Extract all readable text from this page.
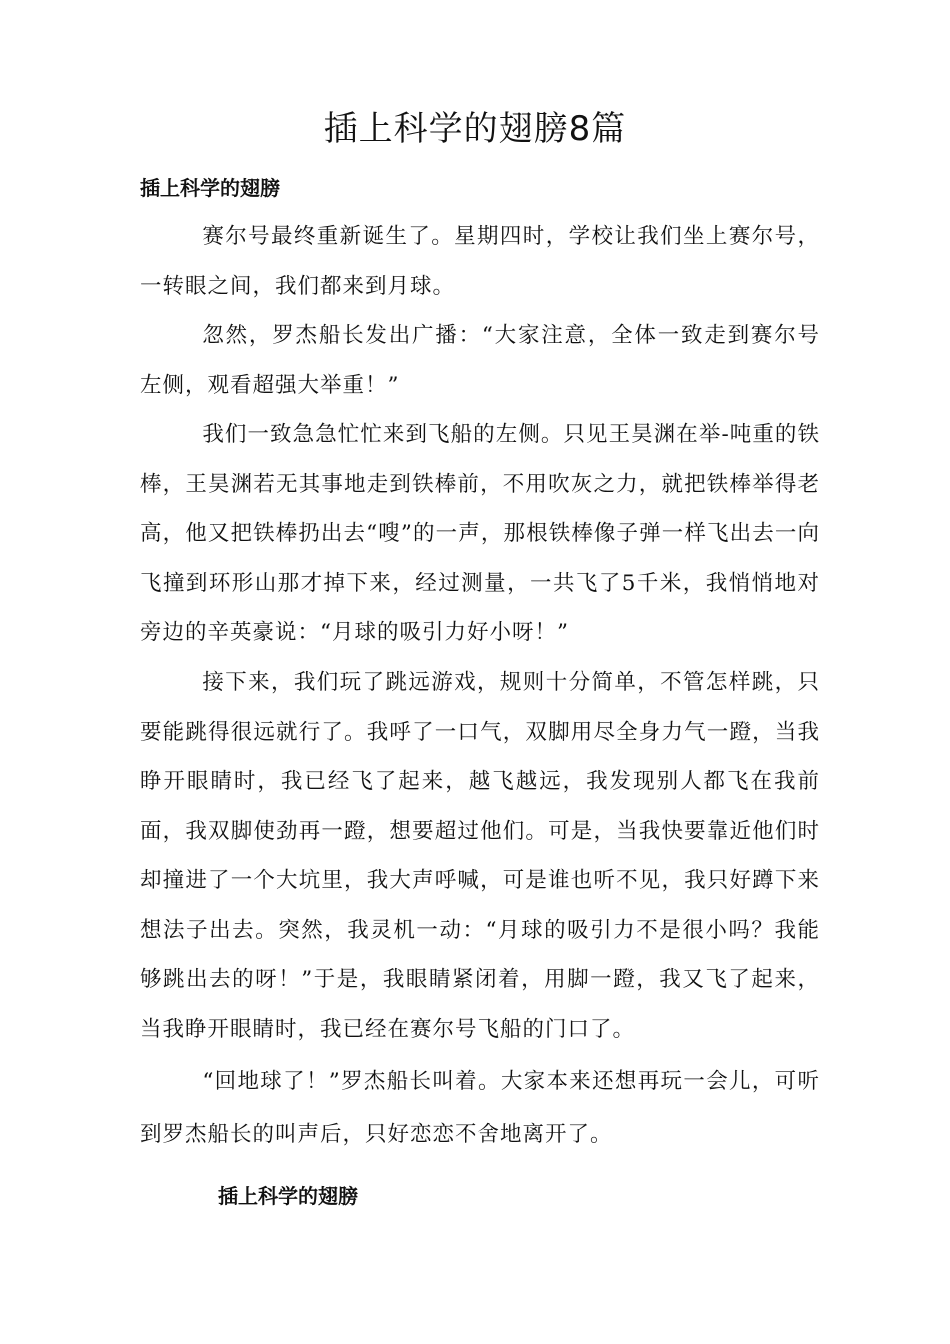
插上科学的翅膀8篇
插上科学的翅膀

赛尔号最终重新诞生了。星期四时，学校让我们坐上赛尔号，一转眼之间，我们都来到月球。

忽然，罗杰船长发出广播：“大家注意，全体一致走到赛尔号左侧，观看超强大举重！”

我们一致急急忙忙来到飞船的左侧。只见王昊渊在举-吨重的铁棒，王昊渊若无其事地走到铁棒前，不用吹灰之力，就把铁棒举得老高，他又把铁棒扔出去“嗖”的一声，那根铁棒像子弹一样飞出去一向飞撞到环形山那才掉下来，经过测量，一共飞了5千米，我悄悄地对旁边的辛英豪说：“月球的吸引力好小呀！”

接下来，我们玩了跳远游戏，规则十分简单，不管怎样跳，只要能跳得很远就行了。我呼了一口气，双脚用尽全身力气一蹬，当我睁开眼睛时，我已经飞了起来，越飞越远，我发现别人都飞在我前面，我双脚使劲再一蹬，想要超过他们。可是，当我快要靠近他们时却撞进了一个大坑里，我大声呼喊，可是谁也听不见，我只好蹲下来想法子出去。突然，我灵机一动：“月球的吸引力不是很小吗？我能够跳出去的呀！”于是，我眼睛紧闭着，用脚一蹬，我又飞了起来，当我睁开眼睛时，我已经在赛尔号飞船的门口了。

“回地球了！”罗杰船长叫着。大家本来还想再玩一会儿，可听到罗杰船长的叫声后，只好恋恋不舍地离开了。

插上科学的翅膀
